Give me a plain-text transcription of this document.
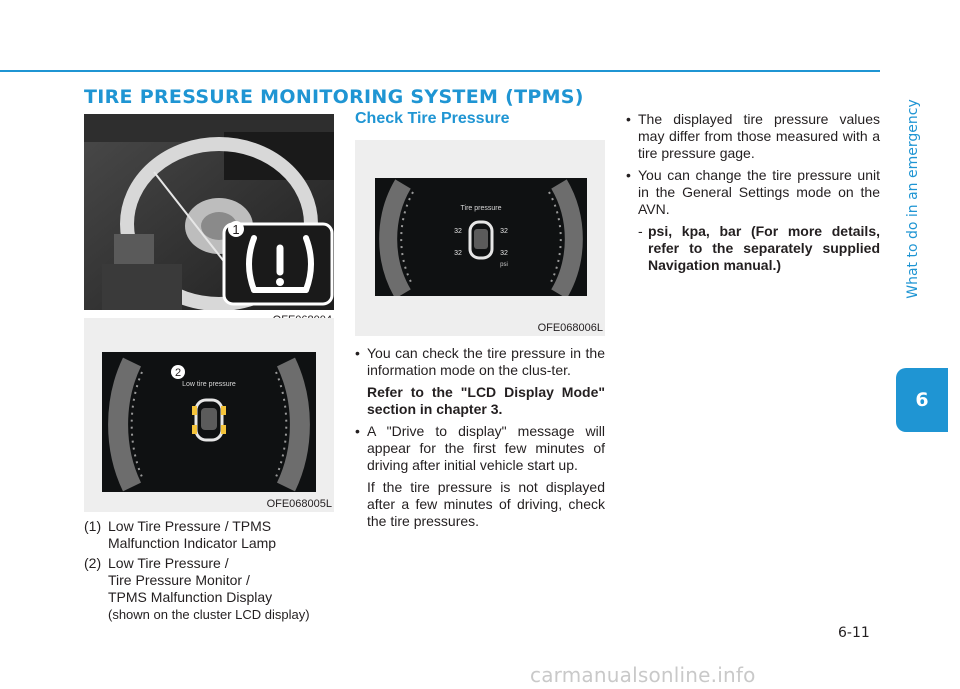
TIRE PRESSURE MONITORING SYSTEM (TPMS)
What to do in an emergency
6
1
Low tire pressure
2
OFE068005L
(1) Low Tire Pressure / TPMS
Malfunction Indicator Lamp
(2) Low Tire Pressure /
Tire Pressure Monitor /
TPMS Malfunction Display
(shown on the cluster LCD display)
Check Tire Pressure
Tire pressure
32	32
32	32
psi
OFE068006L
• You can check the tire pressure in the information mode on the clus-ter.
Refer to the "LCD Display Mode" section in chapter 3.
• A "Drive to display" message will appear for the first few minutes of driving after initial vehicle start up.
If the tire pressure is not displayed after a few minutes of driving, check the tire pressures.
• The displayed tire pressure values may differ from those measured with a tire pressure gage.
• You can change the tire pressure unit in the General Settings mode on the AVN.
- psi, kpa, bar (For more details, refer to the separately supplied Navigation manual.)
6-11
carmanualsonline.info
